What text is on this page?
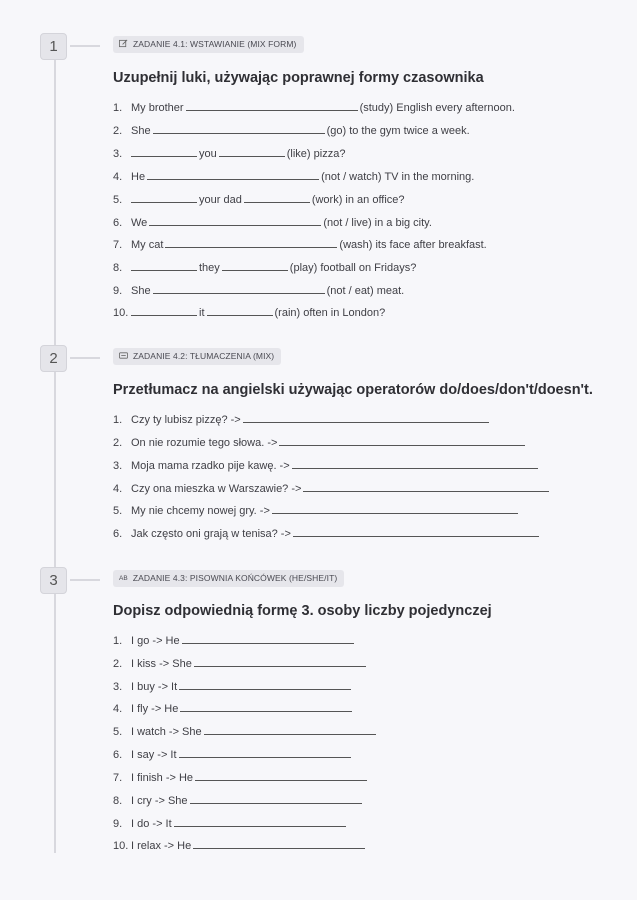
1	ZADANIE 4.1: WSTAWIANIE (MIX FORM)
Uzupełnij luki, używając poprawnej formy czasownika
1. My brother	(study) English every afternoon.
2. She	(go) to the gym twice a week.
3.	you	(like) pizza?
4. He	(not / watch) TV in the morning.
5.	your dad	(work) in an office?
6. We	(not / live) in a big city.
7. My cat	(wash) its face after breakfast.
8.	they	(play) football on Fridays?
9. She	(not / eat) meat.
10.	it	(rain) often in London?
2	ZADANIE 4.2: TŁUMACZENIA (MIX)
Przetłumacz na angielski używając operatorów do/does/don't/doesn't.
1. Czy ty lubisz pizzę? ->
2. On nie rozumie tego słowa. ->
3. Moja mama rzadko pije kawę. ->
4. Czy ona mieszka w Warszawie? ->
5. My nie chcemy nowej gry. ->
6. Jak często oni grają w tenisa? ->
3	AB ZADANIE 4.3: PISOWNIA KOŃCÓWEK (HE/SHE/IT)
Dopisz odpowiednią formę 3. osoby liczby pojedynczej
1. I go -> He
2. I kiss -> She
3. I buy -> It
4. I fly -> He
5. I watch -> She
6. I say -> It
7. I finish -> He
8. I cry -> She
9. I do -> It
10. I relax -> He
